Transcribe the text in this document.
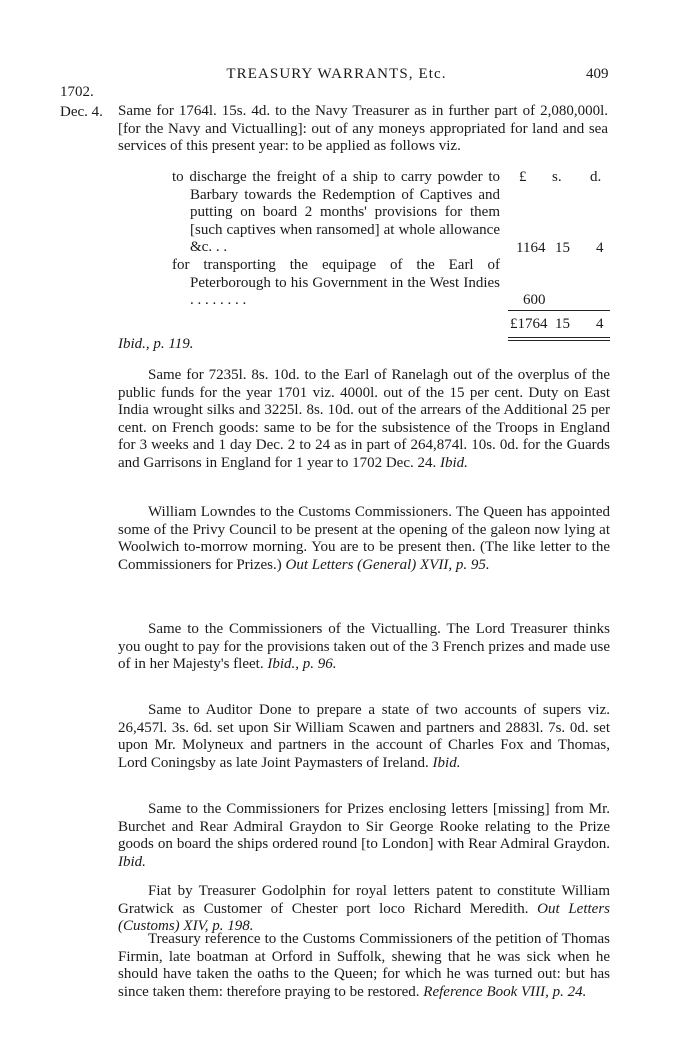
TREASURY WARRANTS, Etc.	409
1702.
Dec. 4. Same for 1764l. 15s. 4d. to the Navy Treasurer as in further part of 2,080,000l. [for the Navy and Victualling]: out of any moneys appropriated for land and sea services of this present year: to be applied as follows viz.

£ s. d.

to discharge the freight of a ship to carry powder to Barbary towards the Redemption of Captives and putting on board 2 months' provisions for them [such captives when ransomed] at whole allowance &c. . .

for transporting the equipage of the Earl of Peterborough to his Government in the West Indies . . . . . . . .

1164 15 4
600
£1764 15 4
Ibid., p. 119.

Same for 7235l. 8s. 10d. to the Earl of Ranelagh out of the overplus of the public funds for the year 1701 viz. 4000l. out of the 15 per cent. Duty on East India wrought silks and 3225l. 8s. 10d. out of the arrears of the Additional 25 per cent. on French goods: same to be for the subsistence of the Troops in England for 3 weeks and 1 day Dec. 2 to 24 as in part of 264,874l. 10s. 0d. for the Guards and Garrisons in England for 1 year to 1702 Dec. 24. Ibid.

William Lowndes to the Customs Commissioners. The Queen has appointed some of the Privy Council to be present at the opening of the galeon now lying at Woolwich to-morrow morning. You are to be present then. (The like letter to the Commissioners for Prizes.) Out Letters (General) XVII, p. 95.

Same to the Commissioners of the Victualling. The Lord Treasurer thinks you ought to pay for the provisions taken out of the 3 French prizes and made use of in her Majesty's fleet. Ibid., p. 96.

Same to Auditor Done to prepare a state of two accounts of supers viz. 26,457l. 3s. 6d. set upon Sir William Scawen and partners and 2883l. 7s. 0d. set upon Mr. Molyneux and partners in the account of Charles Fox and Thomas, Lord Coningsby as late Joint Paymasters of Ireland. Ibid.

Same to the Commissioners for Prizes enclosing letters [missing] from Mr. Burchet and Rear Admiral Graydon to Sir George Rooke relating to the Prize goods on board the ships ordered round [to London] with Rear Admiral Graydon. Ibid.

Fiat by Treasurer Godolphin for royal letters patent to constitute William Gratwick as Customer of Chester port loco Richard Meredith. Out Letters (Customs) XIV, p. 198.

Treasury reference to the Customs Commissioners of the petition of Thomas Firmin, late boatman at Orford in Suffolk, shewing that he was sick when he should have taken the oaths to the Queen; for which he was turned out: but has since taken them: therefore praying to be restored. Reference Book VIII, p. 24.
